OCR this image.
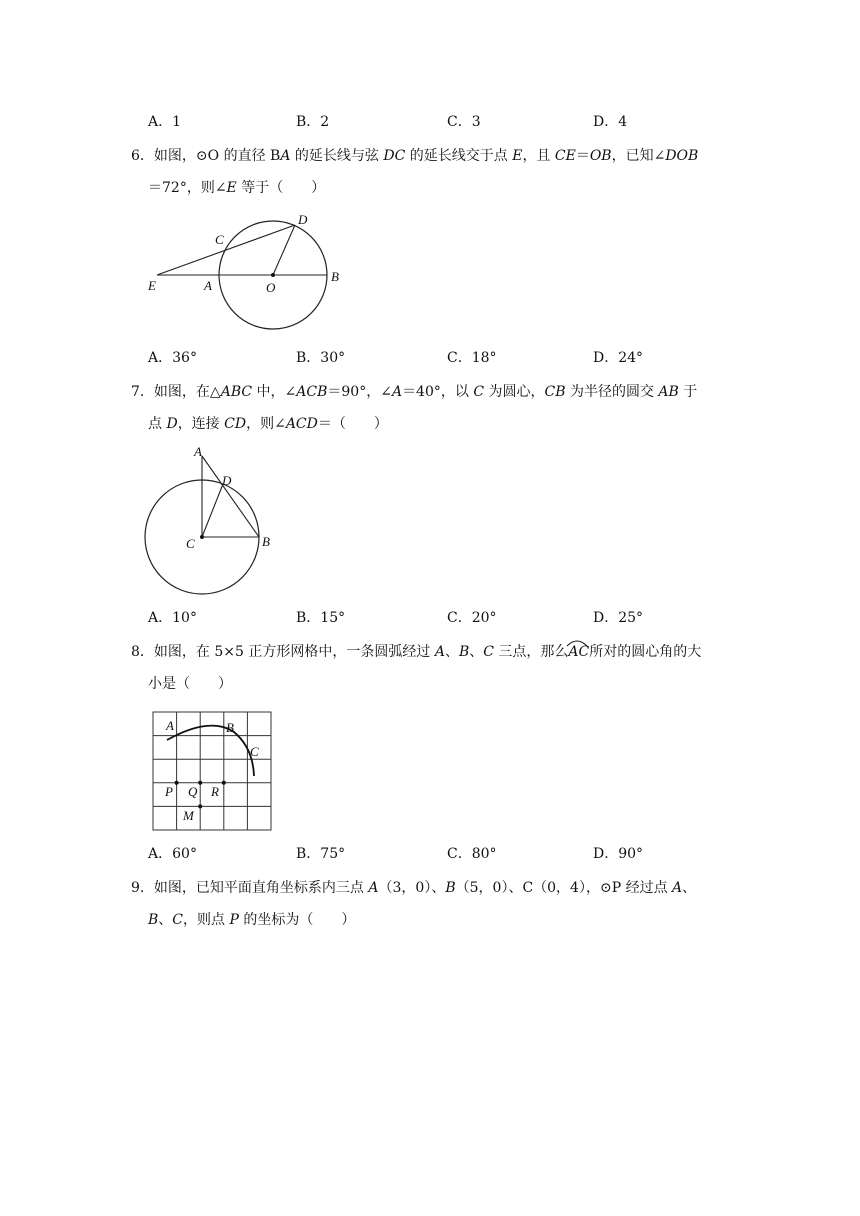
A．1	B．2	C．3	D．4
6．如图，⊙O 的直径 BA 的延长线与弦 DC 的延长线交于点 E，且 CE＝OB，已知∠DOB
＝72°，则∠E 等于（　　）
E	A
C
D
O
B
A．36°	B．30°	C．18°	D．24°
7．如图，在△ABC 中，∠ACB＝90°，∠A＝40°，以 C 为圆心，CB 为半径的圆交 AB 于
点 D，连接 CD，则∠ACD＝（　　）
A
D
C	B
A．10°	B．15°	C．20°	D．25°
8．如图，在 5×5 正方形网格中，一条圆弧经过 A、B、C 三点，那么
AC所对的圆心角的大
小是（　　）
A	B
C
P Q R
M
A．60°	B．75°	C．80°	D．90°
9．如图，已知平面直角坐标系内三点 A（3，0）、B（5，0）、C（0，4），⊙P 经过点 A、
B、C，则点 P 的坐标为（　　）
